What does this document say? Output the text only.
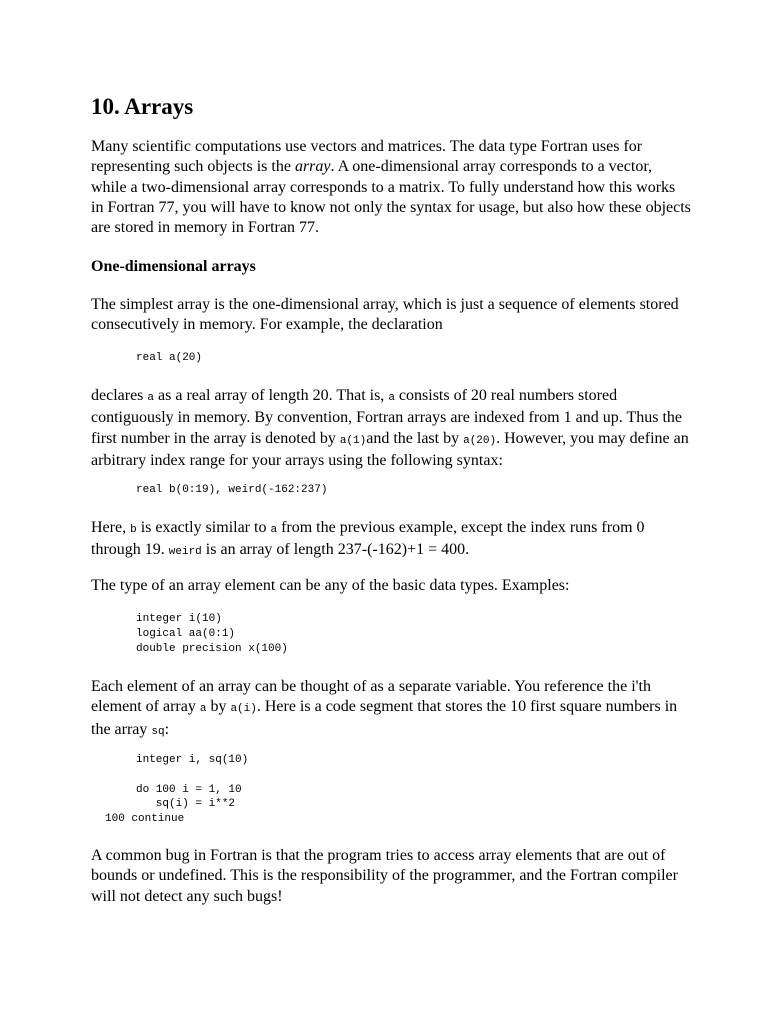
10. Arrays

Many scientific computations use vectors and matrices. The data type Fortran uses for representing such objects is the array. A one-dimensional array corresponds to a vector, while a two-dimensional array corresponds to a matrix. To fully understand how this works in Fortran 77, you will have to know not only the syntax for usage, but also how these objects are stored in memory in Fortran 77.

One-dimensional arrays

The simplest array is the one-dimensional array, which is just a sequence of elements stored consecutively in memory. For example, the declaration

real a(20)

declares a as a real array of length 20. That is, a consists of 20 real numbers stored contiguously in memory. By convention, Fortran arrays are indexed from 1 and up. Thus the first number in the array is denoted by a(1)and the last by a(20). However, you may define an arbitrary index range for your arrays using the following syntax:

real b(0:19), weird(-162:237)

Here, b is exactly similar to a from the previous example, except the index runs from 0 through 19. weird is an array of length 237-(-162)+1 = 400.

The type of an array element can be any of the basic data types. Examples:

integer i(10)
logical aa(0:1)
double precision x(100)

Each element of an array can be thought of as a separate variable. You reference the i'th element of array a by a(i). Here is a code segment that stores the 10 first square numbers in the array sq:

integer i, sq(10)

do 100 i = 1, 10
sq(i) = i**2
100 continue

A common bug in Fortran is that the program tries to access array elements that are out of bounds or undefined. This is the responsibility of the programmer, and the Fortran compiler will not detect any such bugs!
